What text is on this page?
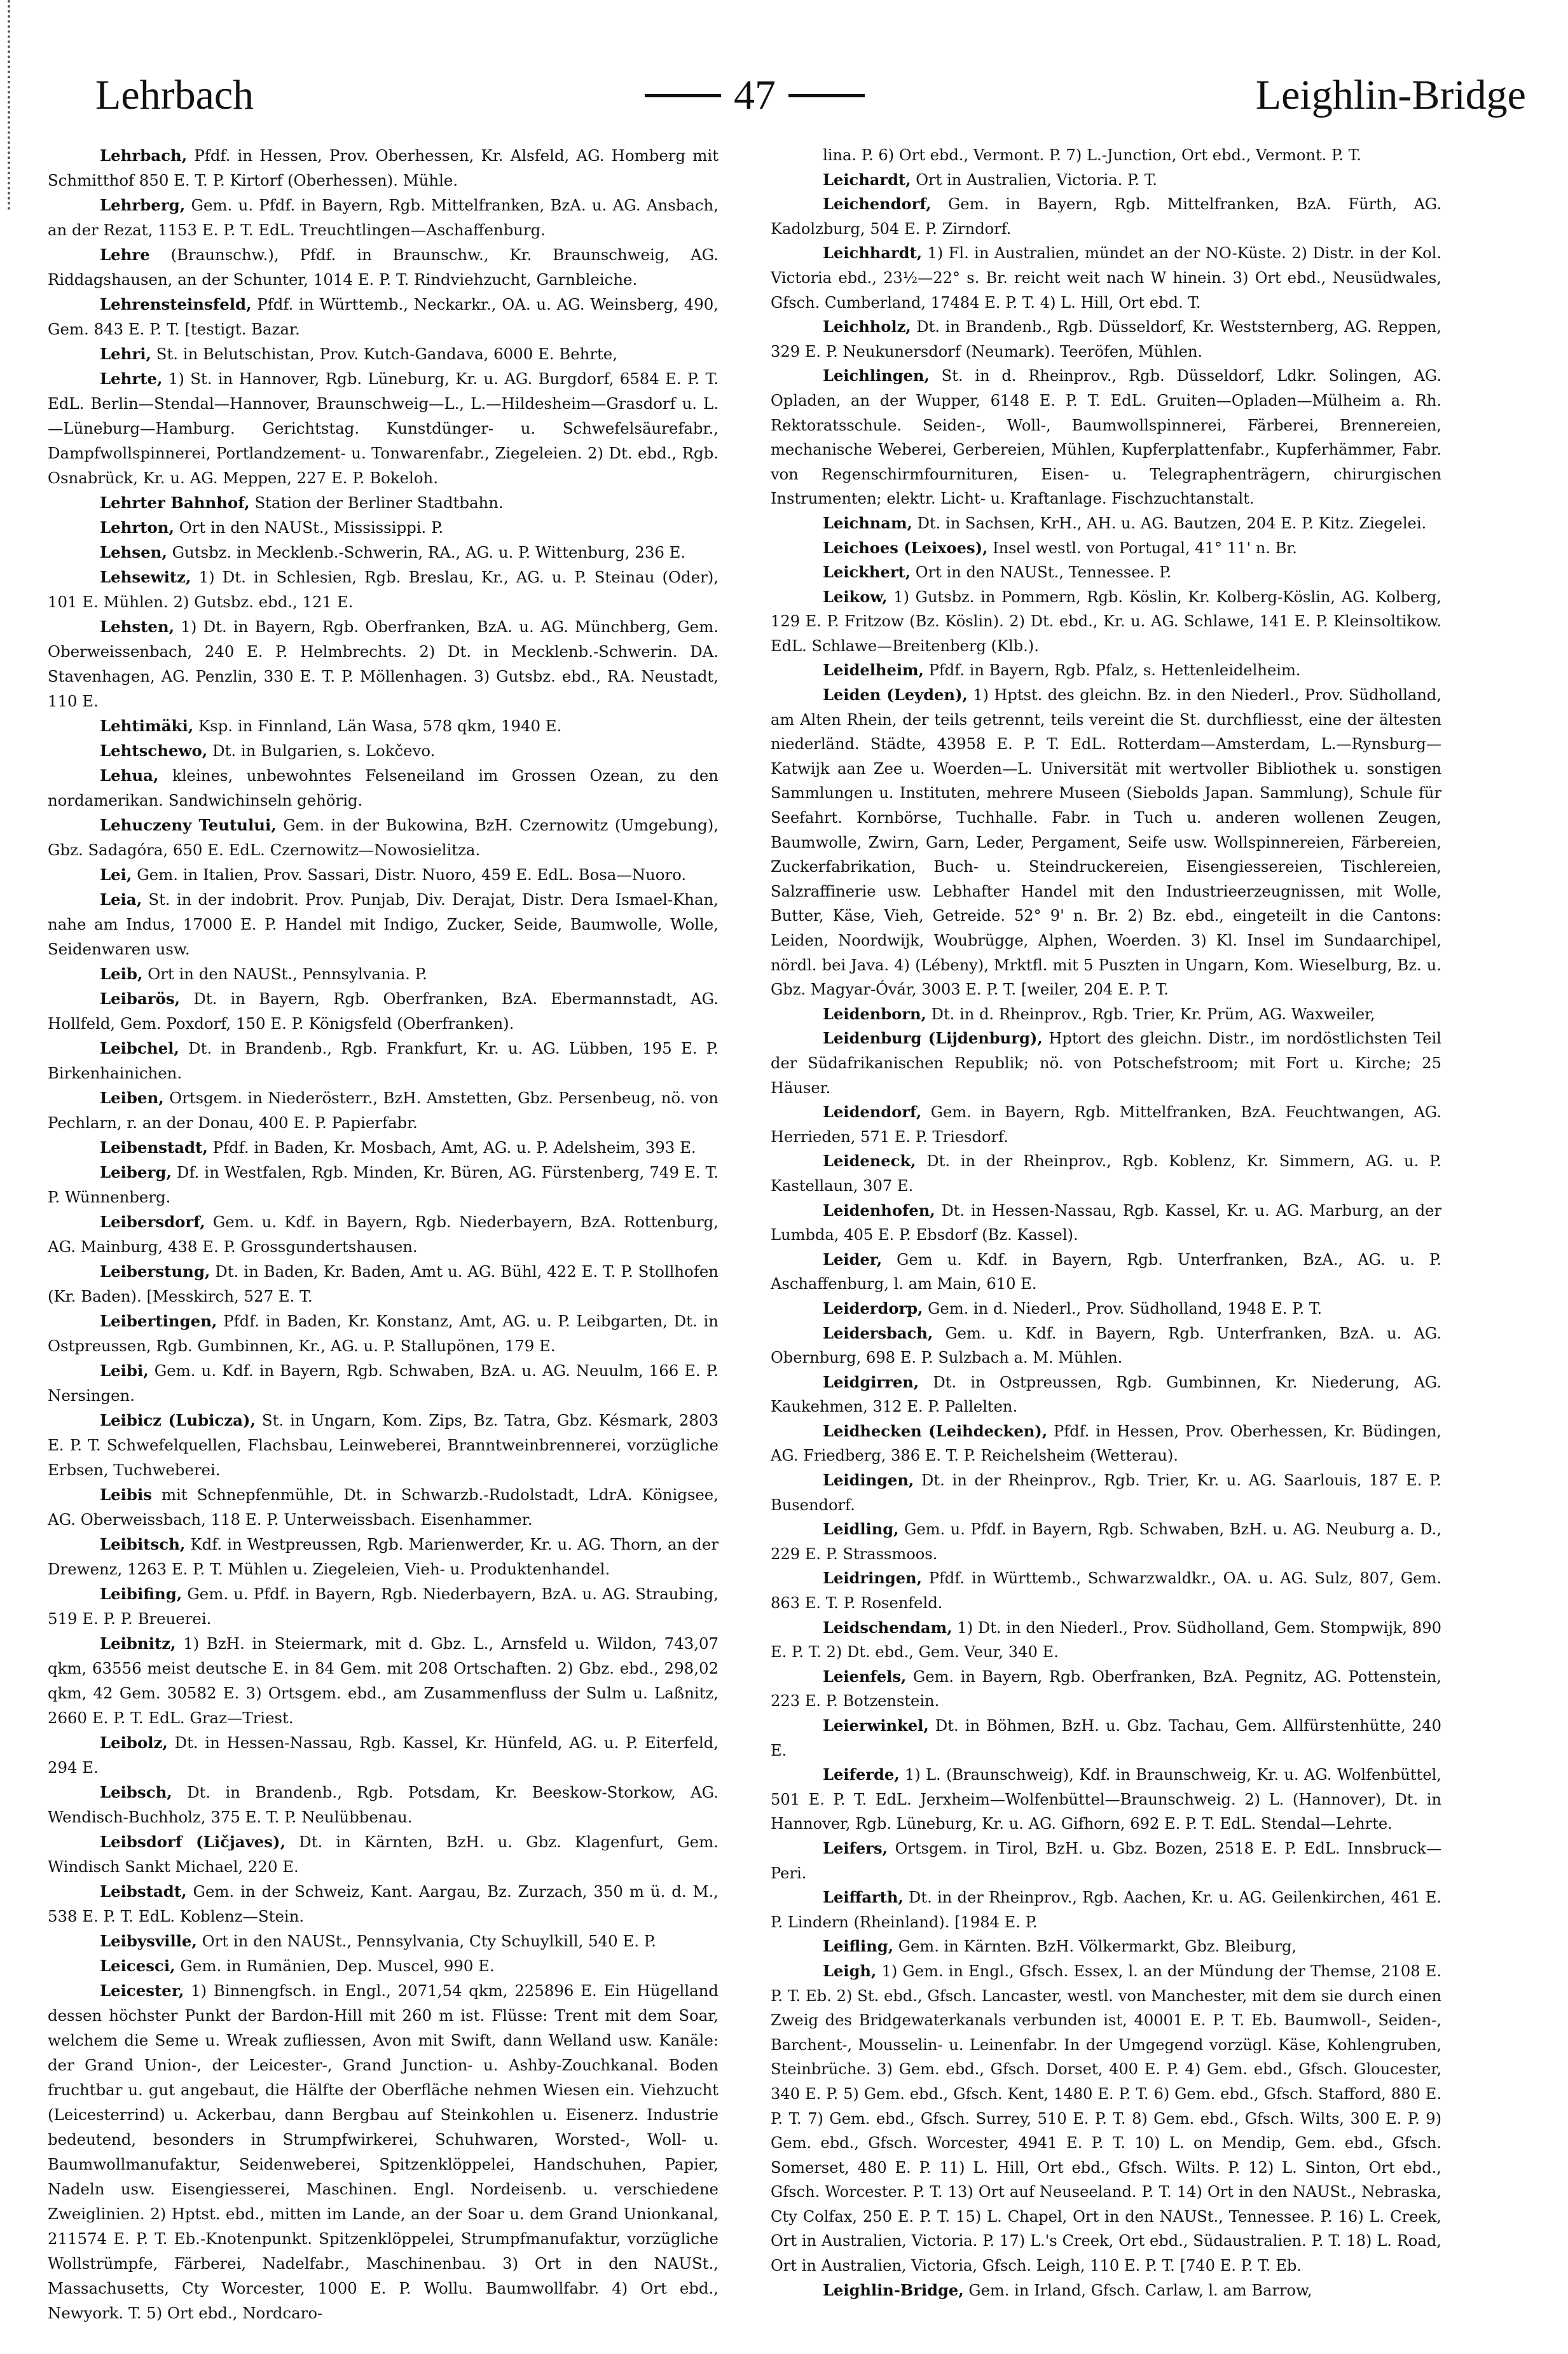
Lehrbach	47	Leighlin-Bridge

Lehrbach, Pfdf. in Hessen, Prov. Oberhessen, Kr. Alsfeld, AG. Homberg mit Schmitthof 850 E. T. P. Kirtorf (Oberhessen). Mühle.

Lehrberg, Gem. u. Pfdf. in Bayern, Rgb. Mittelfranken, BzA. u. AG. Ansbach, an der Rezat, 1153 E. P. T. EdL. Treuchtlingen—Aschaffenburg.

Lehre (Braunschw.), Pfdf. in Braunschw., Kr. Braunschweig, AG. Riddagshausen, an der Schunter, 1014 E. P. T. Rindviehzucht, Garnbleiche.

Lehrensteinsfeld, Pfdf. in Württemb., Neckarkr., OA. u. AG. Weinsberg, 490, Gem. 843 E. P. T. [testigt. Bazar.

Lehri, St. in Belutschistan, Prov. Kutch-Gandava, 6000 E. Behrte,

Lehrte, 1) St. in Hannover, Rgb. Lüneburg, Kr. u. AG. Burgdorf, 6584 E. P. T. EdL. Berlin—Stendal—Hannover, Braunschweig—L., L.—Hildesheim—Grasdorf u. L.—Lüneburg—Hamburg. Gerichtstag. Kunstdünger- u. Schwefelsäurefabr., Dampfwollspinnerei, Portlandzement- u. Tonwarenfabr., Ziegeleien. 2) Dt. ebd., Rgb. Osnabrück, Kr. u. AG. Meppen, 227 E. P. Bokeloh.

Lehrter Bahnhof, Station der Berliner Stadtbahn.

Lehrton, Ort in den NAUSt., Mississippi. P.

Lehsen, Gutsbz. in Mecklenb.-Schwerin, RA., AG. u. P. Wittenburg, 236 E.

Lehsewitz, 1) Dt. in Schlesien, Rgb. Breslau, Kr., AG. u. P. Steinau (Oder), 101 E. Mühlen. 2) Gutsbz. ebd., 121 E.

Lehsten, 1) Dt. in Bayern, Rgb. Oberfranken, BzA. u. AG. Münchberg, Gem. Oberweissenbach, 240 E. P. Helmbrechts. 2) Dt. in Mecklenb.-Schwerin. DA. Stavenhagen, AG. Penzlin, 330 E. T. P. Möllenhagen. 3) Gutsbz. ebd., RA. Neustadt, 110 E.

Lehtimäki, Ksp. in Finnland, Län Wasa, 578 qkm, 1940 E.

Lehtschewo, Dt. in Bulgarien, s. Lokčevo.

Lehua, kleines, unbewohntes Felseneiland im Grossen Ozean, zu den nordamerikan. Sandwichinseln gehörig.

Lehuczeny Teutului, Gem. in der Bukowina, BzH. Czernowitz (Umgebung), Gbz. Sadagóra, 650 E. EdL. Czernowitz—Nowosielitza.

Lei, Gem. in Italien, Prov. Sassari, Distr. Nuoro, 459 E. EdL. Bosa—Nuoro.

Leia, St. in der indobrit. Prov. Punjab, Div. Derajat, Distr. Dera Ismael-Khan, nahe am Indus, 17000 E. P. Handel mit Indigo, Zucker, Seide, Baumwolle, Wolle, Seidenwaren usw.

Leib, Ort in den NAUSt., Pennsylvania. P.

Leibarös, Dt. in Bayern, Rgb. Oberfranken, BzA. Ebermannstadt, AG. Hollfeld, Gem. Poxdorf, 150 E. P. Königsfeld (Oberfranken).

Leibchel, Dt. in Brandenb., Rgb. Frankfurt, Kr. u. AG. Lübben, 195 E. P. Birkenhainichen.

Leiben, Ortsgem. in Niederösterr., BzH. Amstetten, Gbz. Persenbeug, nö. von Pechlarn, r. an der Donau, 400 E. P. Papierfabr.

Leibenstadt, Pfdf. in Baden, Kr. Mosbach, Amt, AG. u. P. Adelsheim, 393 E.

Leiberg, Df. in Westfalen, Rgb. Minden, Kr. Büren, AG. Fürstenberg, 749 E. T. P. Wünnenberg.

Leibersdorf, Gem. u. Kdf. in Bayern, Rgb. Niederbayern, BzA. Rottenburg, AG. Mainburg, 438 E. P. Grossgundertshausen.

Leiberstung, Dt. in Baden, Kr. Baden, Amt u. AG. Bühl, 422 E. T. P. Stollhofen (Kr. Baden). [Messkirch, 527 E. T.

Leibertingen, Pfdf. in Baden, Kr. Konstanz, Amt, AG. u. P. Leibgarten, Dt. in Ostpreussen, Rgb. Gumbinnen, Kr., AG. u. P. Stallupönen, 179 E.

Leibi, Gem. u. Kdf. in Bayern, Rgb. Schwaben, BzA. u. AG. Neuulm, 166 E. P. Nersingen.

Leibicz (Lubicza), St. in Ungarn, Kom. Zips, Bz. Tatra, Gbz. Késmark, 2803 E. P. T. Schwefelquellen, Flachsbau, Leinweberei, Branntweinbrennerei, vorzügliche Erbsen, Tuchweberei.

Leibis mit Schnepfenmühle, Dt. in Schwarzb.-Rudolstadt, LdrA. Königsee, AG. Oberweissbach, 118 E. P. Unterweissbach. Eisenhammer.

Leibitsch, Kdf. in Westpreussen, Rgb. Marienwerder, Kr. u. AG. Thorn, an der Drewenz, 1263 E. P. T. Mühlen u. Ziegeleien, Vieh- u. Produktenhandel.

Leibifing, Gem. u. Pfdf. in Bayern, Rgb. Niederbayern, BzA. u. AG. Straubing, 519 E. P. P. Breuerei.

Leibnitz, 1) BzH. in Steiermark, mit d. Gbz. L., Arnsfeld u. Wildon, 743,07 qkm, 63556 meist deutsche E. in 84 Gem. mit 208 Ortschaften. 2) Gbz. ebd., 298,02 qkm, 42 Gem. 30582 E. 3) Ortsgem. ebd., am Zusammenfluss der Sulm u. Laßnitz, 2660 E. P. T. EdL. Graz—Triest.

Leibolz, Dt. in Hessen-Nassau, Rgb. Kassel, Kr. Hünfeld, AG. u. P. Eiterfeld, 294 E.

Leibsch, Dt. in Brandenb., Rgb. Potsdam, Kr. Beeskow-Storkow, AG. Wendisch-Buchholz, 375 E. T. P. Neulübbenau.

Leibsdorf (Ličjaves), Dt. in Kärnten, BzH. u. Gbz. Klagenfurt, Gem. Windisch Sankt Michael, 220 E.

Leibstadt, Gem. in der Schweiz, Kant. Aargau, Bz. Zurzach, 350 m ü. d. M., 538 E. P. T. EdL. Koblenz—Stein.

Leibysville, Ort in den NAUSt., Pennsylvania, Cty Schuylkill, 540 E. P.

Leicesci, Gem. in Rumänien, Dep. Muscel, 990 E.

Leicester, 1) Binnengfsch. in Engl., 2071,54 qkm, 225896 E. Ein Hügelland dessen höchster Punkt der Bardon-Hill mit 260 m ist. Flüsse: Trent mit dem Soar, welchem die Seme u. Wreak zufliessen, Avon mit Swift, dann Welland usw. Kanäle: der Grand Union-, der Leicester-, Grand Junction- u. Ashby-Zouchkanal. Boden fruchtbar u. gut angebaut, die Hälfte der Oberfläche nehmen Wiesen ein. Viehzucht (Leicesterrind) u. Ackerbau, dann Bergbau auf Steinkohlen u. Eisenerz. Industrie bedeutend, besonders in Strumpfwirkerei, Schuhwaren, Worsted-, Woll- u. Baumwollmanufaktur, Seidenweberei, Spitzenklöppelei, Handschuhen, Papier, Nadeln usw. Eisengiesserei, Maschinen. Engl. Nordeisenb. u. verschiedene Zweiglinien. 2) Hptst. ebd., mitten im Lande, an der Soar u. dem Grand Unionkanal, 211574 E. P. T. Eb.-Knotenpunkt. Spitzenklöppelei, Strumpfmanufaktur, vorzügliche Wollstrümpfe, Färberei, Nadelfabr., Maschinenbau. 3) Ort in den NAUSt., Massachusetts, Cty Worcester, 1000 E. P. Wollu. Baumwollfabr. 4) Ort ebd., Newyork. T. 5) Ort ebd., Nordcaro-

lina. P. 6) Ort ebd., Vermont. P. 7) L.-Junction, Ort ebd., Vermont. P. T.

Leichardt, Ort in Australien, Victoria. P. T.

Leichendorf, Gem. in Bayern, Rgb. Mittelfranken, BzA. Fürth, AG. Kadolzburg, 504 E. P. Zirndorf.

Leichhardt, 1) Fl. in Australien, mündet an der NO-Küste. 2) Distr. in der Kol. Victoria ebd., 23½—22° s. Br. reicht weit nach W hinein. 3) Ort ebd., Neusüdwales, Gfsch. Cumberland, 17484 E. P. T. 4) L. Hill, Ort ebd. T.

Leichholz, Dt. in Brandenb., Rgb. Düsseldorf, Kr. Weststernberg, AG. Reppen, 329 E. P. Neukunersdorf (Neumark). Teeröfen, Mühlen.

Leichlingen, St. in d. Rheinprov., Rgb. Düsseldorf, Ldkr. Solingen, AG. Opladen, an der Wupper, 6148 E. P. T. EdL. Gruiten—Opladen—Mülheim a. Rh. Rektoratsschule. Seiden-, Woll-, Baumwollspinnerei, Färberei, Brennereien, mechanische Weberei, Gerbereien, Mühlen, Kupferplattenfabr., Kupferhämmer, Fabr. von Regenschirmfournituren, Eisen- u. Telegraphenträgern, chirurgischen Instrumenten; elektr. Licht- u. Kraftanlage. Fischzuchtanstalt.

Leichnam, Dt. in Sachsen, KrH., AH. u. AG. Bautzen, 204 E. P. Kitz. Ziegelei.

Leichoes (Leixoes), Insel westl. von Portugal, 41° 11' n. Br.

Leickhert, Ort in den NAUSt., Tennessee. P.

Leikow, 1) Gutsbz. in Pommern, Rgb. Köslin, Kr. Kolberg-Köslin, AG. Kolberg, 129 E. P. Fritzow (Bz. Köslin). 2) Dt. ebd., Kr. u. AG. Schlawe, 141 E. P. Kleinsoltikow. EdL. Schlawe—Breitenberg (Klb.).

Leidelheim, Pfdf. in Bayern, Rgb. Pfalz, s. Hettenleidelheim.

Leiden (Leyden), 1) Hptst. des gleichn. Bz. in den Niederl., Prov. Südholland, am Alten Rhein, der teils getrennt, teils vereint die St. durchfliesst, eine der ältesten niederländ. Städte, 43958 E. P. T. EdL. Rotterdam—Amsterdam, L.—Rynsburg—Katwijk aan Zee u. Woerden—L. Universität mit wertvoller Bibliothek u. sonstigen Sammlungen u. Instituten, mehrere Museen (Siebolds Japan. Sammlung), Schule für Seefahrt. Kornbörse, Tuchhalle. Fabr. in Tuch u. anderen wollenen Zeugen, Baumwolle, Zwirn, Garn, Leder, Pergament, Seife usw. Wollspinnereien, Färbereien, Zuckerfabrikation, Buch- u. Steindruckereien, Eisengiessereien, Tischlereien, Salzraffinerie usw. Lebhafter Handel mit den Industrieerzeugnissen, mit Wolle, Butter, Käse, Vieh, Getreide. 52° 9' n. Br. 2) Bz. ebd., eingeteilt in die Cantons: Leiden, Noordwijk, Woubrügge, Alphen, Woerden. 3) Kl. Insel im Sundaarchipel, nördl. bei Java. 4) (Lébeny), Mrktfl. mit 5 Puszten in Ungarn, Kom. Wieselburg, Bz. u. Gbz. Magyar-Óvár, 3003 E. P. T. [weiler, 204 E. P. T.

Leidenborn, Dt. in d. Rheinprov., Rgb. Trier, Kr. Prüm, AG. Waxweiler,

Leidenburg (Lijdenburg), Hptort des gleichn. Distr., im nordöstlichsten Teil der Südafrikanischen Republik; nö. von Potschefstroom; mit Fort u. Kirche; 25 Häuser.

Leidendorf, Gem. in Bayern, Rgb. Mittelfranken, BzA. Feuchtwangen, AG. Herrieden, 571 E. P. Triesdorf.

Leideneck, Dt. in der Rheinprov., Rgb. Koblenz, Kr. Simmern, AG. u. P. Kastellaun, 307 E.

Leidenhofen, Dt. in Hessen-Nassau, Rgb. Kassel, Kr. u. AG. Marburg, an der Lumbda, 405 E. P. Ebsdorf (Bz. Kassel).

Leider, Gem u. Kdf. in Bayern, Rgb. Unterfranken, BzA., AG. u. P. Aschaffenburg, l. am Main, 610 E.

Leiderdorp, Gem. in d. Niederl., Prov. Südholland, 1948 E. P. T.

Leidersbach, Gem. u. Kdf. in Bayern, Rgb. Unterfranken, BzA. u. AG. Obernburg, 698 E. P. Sulzbach a. M. Mühlen.

Leidgirren, Dt. in Ostpreussen, Rgb. Gumbinnen, Kr. Niederung, AG. Kaukehmen, 312 E. P. Pallelten.

Leidhecken (Leihdecken), Pfdf. in Hessen, Prov. Oberhessen, Kr. Büdingen, AG. Friedberg, 386 E. T. P. Reichelsheim (Wetterau).

Leidingen, Dt. in der Rheinprov., Rgb. Trier, Kr. u. AG. Saarlouis, 187 E. P. Busendorf.

Leidling, Gem. u. Pfdf. in Bayern, Rgb. Schwaben, BzH. u. AG. Neuburg a. D., 229 E. P. Strassmoos.

Leidringen, Pfdf. in Württemb., Schwarzwaldkr., OA. u. AG. Sulz, 807, Gem. 863 E. T. P. Rosenfeld.

Leidschendam, 1) Dt. in den Niederl., Prov. Südholland, Gem. Stompwijk, 890 E. P. T. 2) Dt. ebd., Gem. Veur, 340 E.

Leienfels, Gem. in Bayern, Rgb. Oberfranken, BzA. Pegnitz, AG. Pottenstein, 223 E. P. Botzenstein.

Leierwinkel, Dt. in Böhmen, BzH. u. Gbz. Tachau, Gem. Allfürstenhütte, 240 E.

Leiferde, 1) L. (Braunschweig), Kdf. in Braunschweig, Kr. u. AG. Wolfenbüttel, 501 E. P. T. EdL. Jerxheim—Wolfenbüttel—Braunschweig. 2) L. (Hannover), Dt. in Hannover, Rgb. Lüneburg, Kr. u. AG. Gifhorn, 692 E. P. T. EdL. Stendal—Lehrte.

Leifers, Ortsgem. in Tirol, BzH. u. Gbz. Bozen, 2518 E. P. EdL. Innsbruck—Peri.

Leiffarth, Dt. in der Rheinprov., Rgb. Aachen, Kr. u. AG. Geilenkirchen, 461 E. P. Lindern (Rheinland). [1984 E. P.

Leifling, Gem. in Kärnten. BzH. Völkermarkt, Gbz. Bleiburg,

Leigh, 1) Gem. in Engl., Gfsch. Essex, l. an der Mündung der Themse, 2108 E. P. T. Eb. 2) St. ebd., Gfsch. Lancaster, westl. von Manchester, mit dem sie durch einen Zweig des Bridgewaterkanals verbunden ist, 40001 E. P. T. Eb. Baumwoll-, Seiden-, Barchent-, Mousselin- u. Leinenfabr. In der Umgegend vorzügl. Käse, Kohlengruben, Steinbrüche. 3) Gem. ebd., Gfsch. Dorset, 400 E. P. 4) Gem. ebd., Gfsch. Gloucester, 340 E. P. 5) Gem. ebd., Gfsch. Kent, 1480 E. P. T. 6) Gem. ebd., Gfsch. Stafford, 880 E. P. T. 7) Gem. ebd., Gfsch. Surrey, 510 E. P. T. 8) Gem. ebd., Gfsch. Wilts, 300 E. P. 9) Gem. ebd., Gfsch. Worcester, 4941 E. P. T. 10) L. on Mendip, Gem. ebd., Gfsch. Somerset, 480 E. P. 11) L. Hill, Ort ebd., Gfsch. Wilts. P. 12) L. Sinton, Ort ebd., Gfsch. Worcester. P. T. 13) Ort auf Neuseeland. P. T. 14) Ort in den NAUSt., Nebraska, Cty Colfax, 250 E. P. T. 15) L. Chapel, Ort in den NAUSt., Tennessee. P. 16) L. Creek, Ort in Australien, Victoria. P. 17) L.'s Creek, Ort ebd., Südaustralien. P. T. 18) L. Road, Ort in Australien, Victoria, Gfsch. Leigh, 110 E. P. T. [740 E. P. T. Eb.

Leighlin-Bridge, Gem. in Irland, Gfsch. Carlaw, l. am Barrow,
